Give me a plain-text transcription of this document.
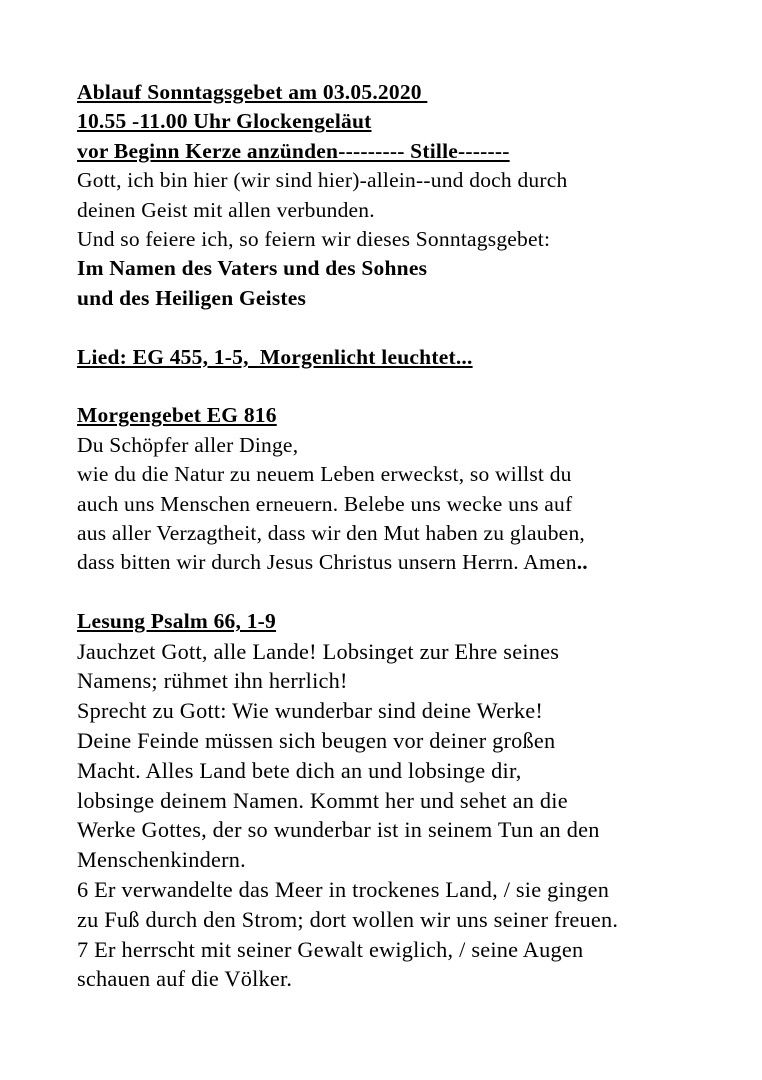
Ablauf Sonntagsgebet am 03.05.2020
10.55 -11.00 Uhr Glockengeläut
vor Beginn Kerze anzünden--------- Stille-------
Gott, ich bin hier (wir sind hier)-allein--und doch durch
deinen Geist mit allen verbunden.
Und so feiere ich, so feiern wir dieses Sonntagsgebet:
Im Namen des Vaters und des Sohnes
und des Heiligen Geistes
Lied: EG 455, 1-5,  Morgenlicht leuchtet...
Morgengebet EG 816
Du Schöpfer aller Dinge,
wie du die Natur zu neuem Leben erweckst, so willst du
auch uns Menschen erneuern. Belebe uns wecke uns auf
aus aller Verzagtheit, dass wir den Mut haben zu glauben,
dass bitten wir durch Jesus Christus unsern Herrn. Amen..
Lesung Psalm 66, 1-9
Jauchzet Gott, alle Lande! Lobsinget zur Ehre seines
Namens; rühmet ihn herrlich!
Sprecht zu Gott: Wie wunderbar sind deine Werke!
Deine Feinde müssen sich beugen vor deiner großen
Macht. Alles Land bete dich an und lobsinge dir,
lobsinge deinem Namen. Kommt her und sehet an die
Werke Gottes, der so wunderbar ist in seinem Tun an den
Menschenkindern.
6 Er verwandelte das Meer in trockenes Land, / sie gingen
zu Fuß durch den Strom; dort wollen wir uns seiner freuen.
7 Er herrscht mit seiner Gewalt ewiglich, / seine Augen
schauen auf die Völker.
